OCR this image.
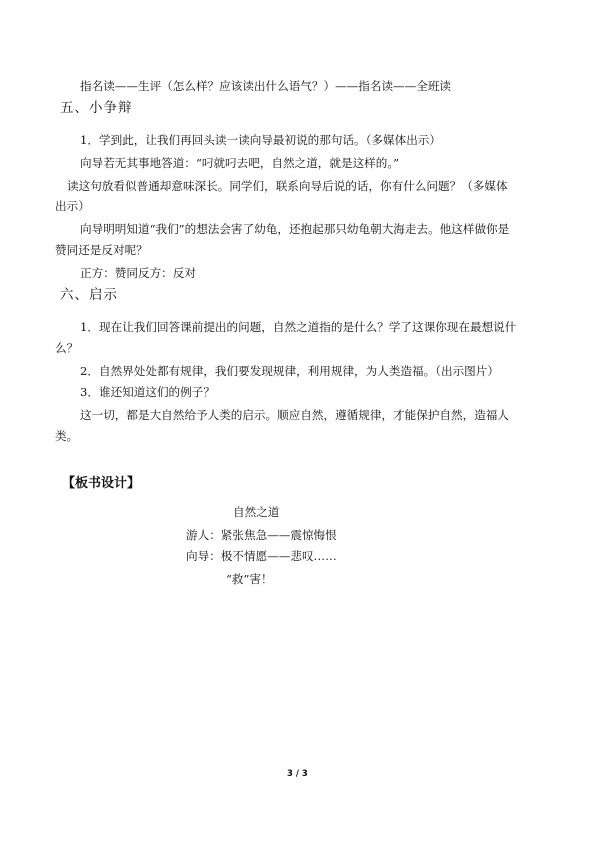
指名读——生评（怎么样？应该读出什么语气？）——指名读——全班读
五、小争辩
1．学到此，让我们再回头读一读向导最初说的那句话。（多媒体出示）
向导若无其事地答道：“叼就叼去吧，自然之道，就是这样的。”
读这句放看似普通却意味深长。同学们，联系向导后说的话，你有什么问题？（多媒体
出示）
向导明明知道“我们”的想法会害了幼龟，还抱起那只幼龟朝大海走去。他这样做你是
赞同还是反对呢？
正方：赞同反方：反对
六、启示
1．现在让我们回答课前提出的问题，自然之道指的是什么？学了这课你现在最想说什
么？
2．自然界处处都有规律，我们要发现规律，利用规律，为人类造福。（出示图片）
3．谁还知道这们的例子？
这一切，都是大自然给予人类的启示。顺应自然，遵循规律，才能保护自然，造福人
类。
【板书设计】
自然之道
游人：紧张焦急——震惊悔恨
向导：极不情愿——悲叹……
“救”害！
3 / 3
